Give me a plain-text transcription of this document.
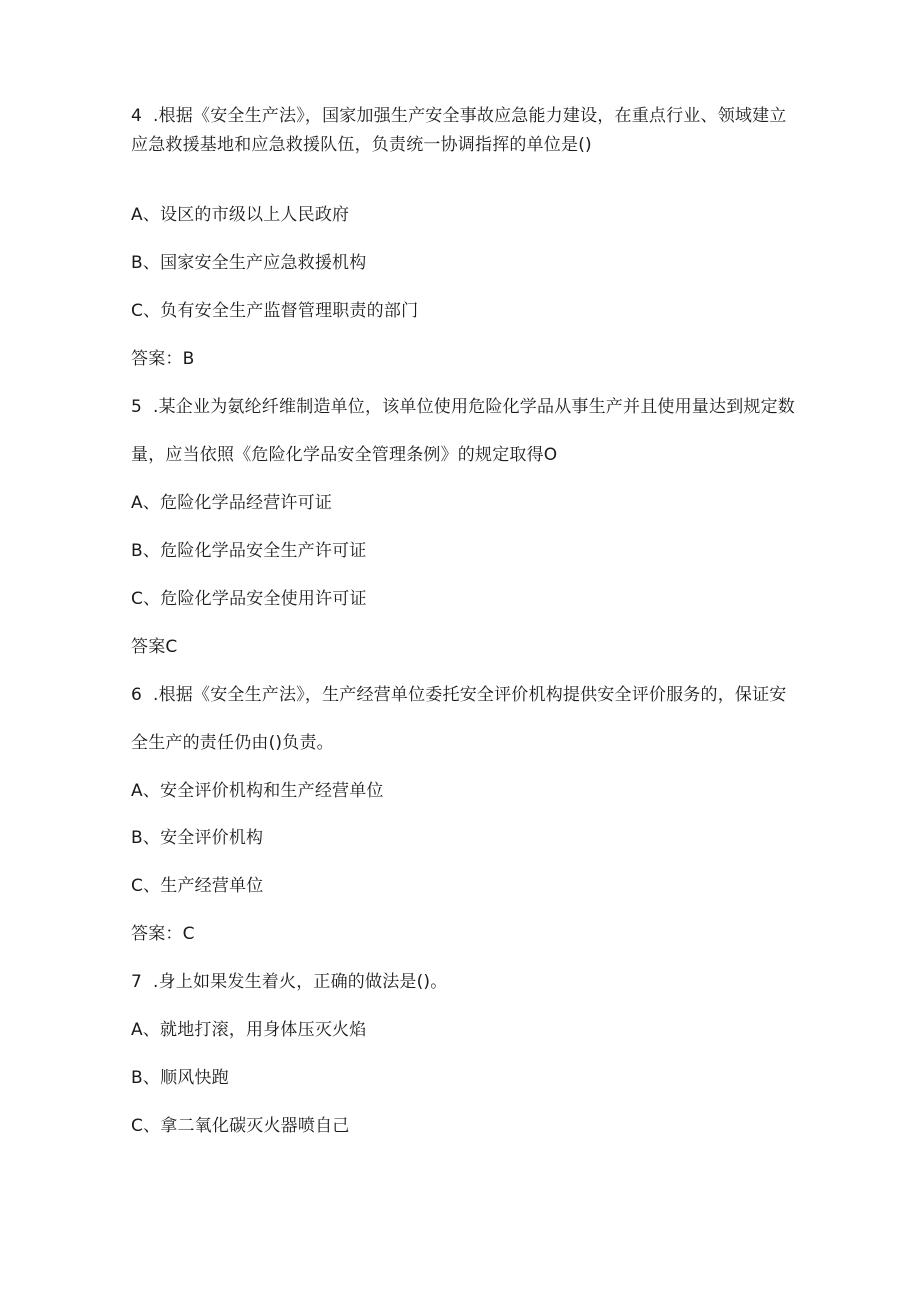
4 .根据《安全生产法》，国家加强生产安全事故应急能力建设，在重点行业、领域建立
应急救援基地和应急救援队伍，负责统一协调指挥的单位是()
A、设区的市级以上人民政府
B、国家安全生产应急救援机构
C、负有安全生产监督管理职责的部门
答案：B
5 .某企业为氨纶纤维制造单位，该单位使用危险化学品从事生产并且使用量达到规定数
量，应当依照《危险化学品安全管理条例》的规定取得O
A、危险化学品经营许可证
B、危险化学品安全生产许可证
C、危险化学品安全使用许可证
答案C
6 .根据《安全生产法》，生产经营单位委托安全评价机构提供安全评价服务的，保证安
全生产的责任仍由()负责。
A、安全评价机构和生产经营单位
B、安全评价机构
C、生产经营单位
答案：C
7 .身上如果发生着火，正确的做法是()。
A、就地打滚，用身体压灭火焰
B、顺风快跑
C、拿二氧化碳灭火器喷自己
